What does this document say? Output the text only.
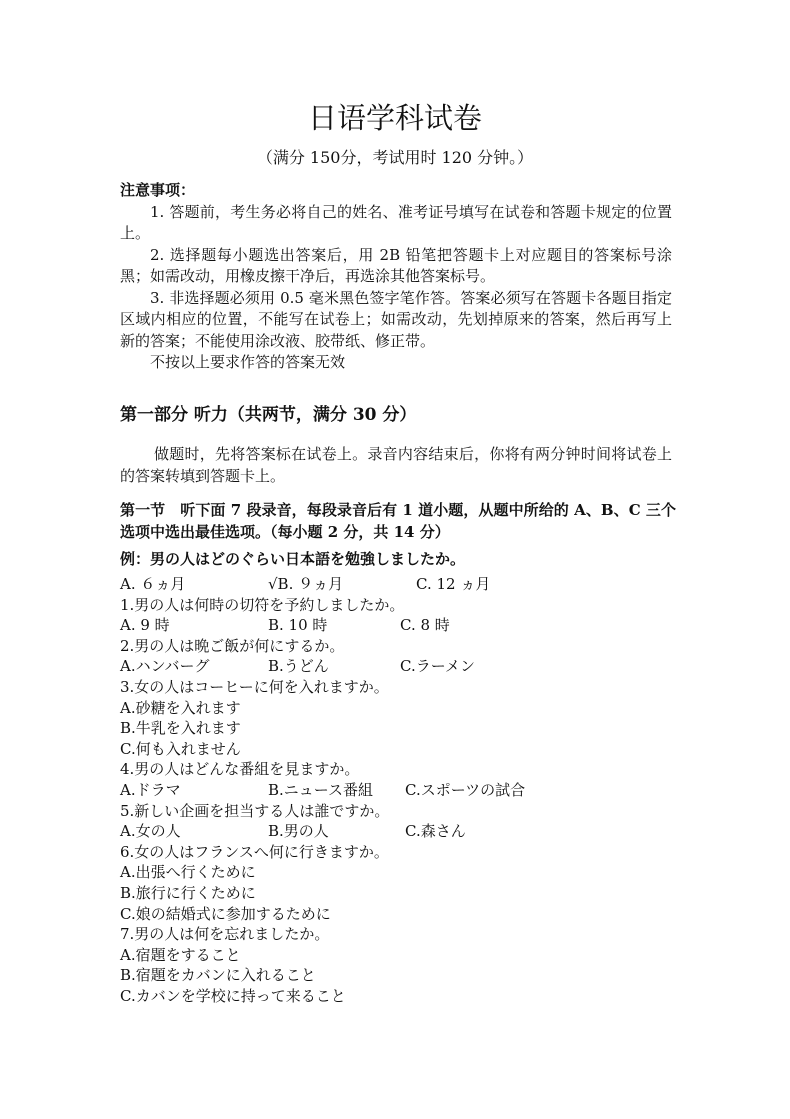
日语学科试卷
（满分 150分，考试用时 120 分钟。）

注意事项：

1. 答题前，考生务必将自己的姓名、准考证号填写在试卷和答题卡规定的位置上。

2. 选择题每小题选出答案后，用 2B 铅笔把答题卡上对应题目的答案标号涂黑；如需改动，用橡皮擦干净后，再选涂其他答案标号。

3. 非选择题必须用 0.5 毫米黑色签字笔作答。答案必须写在答题卡各题目指定区域内相应的位置，不能写在试卷上；如需改动，先划掉原来的答案，然后再写上新的答案；不能使用涂改液、胶带纸、修正带。

不按以上要求作答的答案无效

第一部分 听力（共两节，满分 30 分）
做题时，先将答案标在试卷上。录音内容结束后，你将有两分钟时间将试卷上的答案转填到答题卡上。
第一节　听下面 7 段录音，每段录音后有 1 道小题，从题中所给的 A、B、C 三个选项中选出最佳选项。（每小题 2 分，共 14 分）
例：男の人はどのぐらい日本語を勉強しましたか。
A. ６ヵ月	√B. ９ヵ月	C. 12 ヵ月
1.男の人は何時の切符を予約しましたか。
A. 9 時	B. 10 時	C. 8 時
2.男の人は晩ご飯が何にするか。
A.ハンバーグ	B.うどん	C.ラーメン
3.女の人はコーヒーに何を入れますか。
A.砂糖を入れます
B.牛乳を入れます
C.何も入れません
4.男の人はどんな番組を見ますか。
A.ドラマ	B.ニュース番組 C.スポーツの試合
5.新しい企画を担当する人は誰ですか。
A.女の人	B.男の人	C.森さん
6.女の人はフランスへ何に行きますか。
A.出張へ行くために
B.旅行に行くために
C.娘の結婚式に参加するために
7.男の人は何を忘れましたか。
A.宿題をすること
B.宿題をカバンに入れること
C.カバンを学校に持って来ること
